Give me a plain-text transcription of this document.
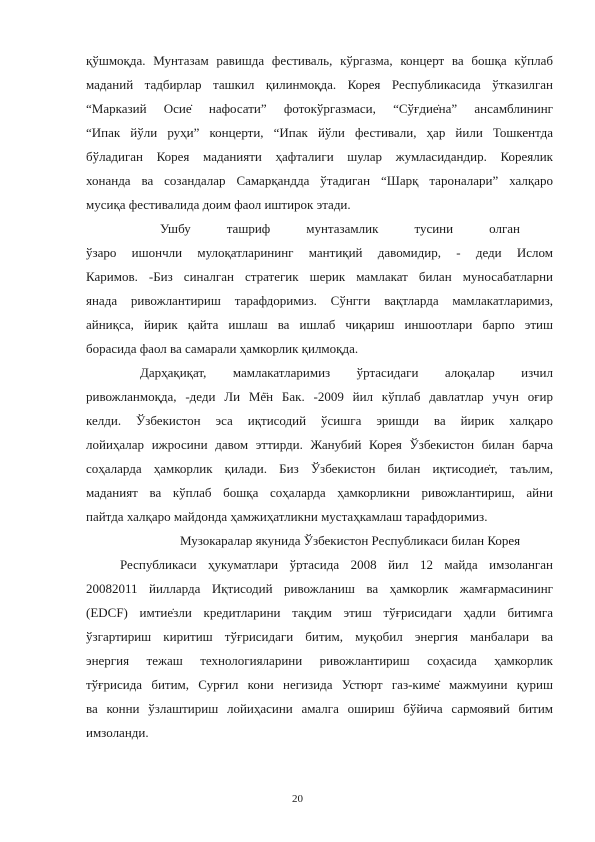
қўшмоқда. Мунтазам равишда фестиваль, кўргазма, концерт ва бошқа кўплаб
маданий тадбирлар ташкил қилинмоқда. Корея Республикасида ўтказилган
“Марказий Осие̇ нафосати” фотокўргазмаси, “Сўғдие̇на” ансамблининг
“Ипак йўли руҳи” концерти, “Ипак йўли фестивали, ҳар йили Тошкентда
бўладиган Корея маданияти ҳафталиги шулар жумласидандир. Кореялик
хонанда ва созандалар Самарқандда ўтадиган “Шарқ тароналари” халқаро
мусиқа фестивалида доим фаол иштирок этади.
Ушбу ташриф мунтазамлик тусини олган
ўзаро ишончли мулоқатларининг мантиқий давомидир, - деди Ислом
Каримов. -Биз синалган стратегик шерик мамлакат билан муносабатларни
янада ривожлантириш тарафдоримиз. Сўнгги вақтларда мамлакатларимиз,
айниқса, йирик қайта ишлаш ва ишлаб чиқариш иншоотлари барпо этиш
борасида фаол ва самарали ҳамкорлик қилмоқда.
Дарҳақиқат, мамлакатларимиз ўртасидаги алоқалар изчил
ривожланмоқда, -деди Ли Мė̈н Бак. -2009 йил кўплаб давлатлар учун оғир
келди. Ўзбекистон эса иқтисодий ўсишга эришди ва йирик халқаро
лойиҳалар ижросини давом эттирди. Жанубий Корея Ўзбекистон билан барча
соҳаларда ҳамкорлик қилади. Биз Ўзбекистон билан иқтисодие̇т, таълим,
маданият ва кўплаб бошқа соҳаларда ҳамкорликни ривожлантириш, айни
пайтда халқаро майдонда ҳамжиҳатликни мустаҳкамлаш тарафдоримиз.
Музокаралар якунида Ўзбекистон Республикаси билан Корея
Республикаси ҳукуматлари ўртасида 2008 йил 12 майда имзоланган
20082011 йилларда Иқтисодий ривожланиш ва ҳамкорлик жамғармасининг
(EDCF) имтие̇зли кредитларини тақдим этиш тўғрисидаги ҳадли битимга
ўзгартириш киритиш тўғрисидаги битим, муқобил энергия манбалари ва
энергия тежаш технологияларини ривожлантириш соҳасида ҳамкорлик
тўғрисида битим, Сурғил кони негизида Устюрт газ-киме̇ мажмуини қуриш
ва конни ўзлаштириш лойиҳасини амалга ошириш бўйича сармоявий битим
имзоланди.
20
